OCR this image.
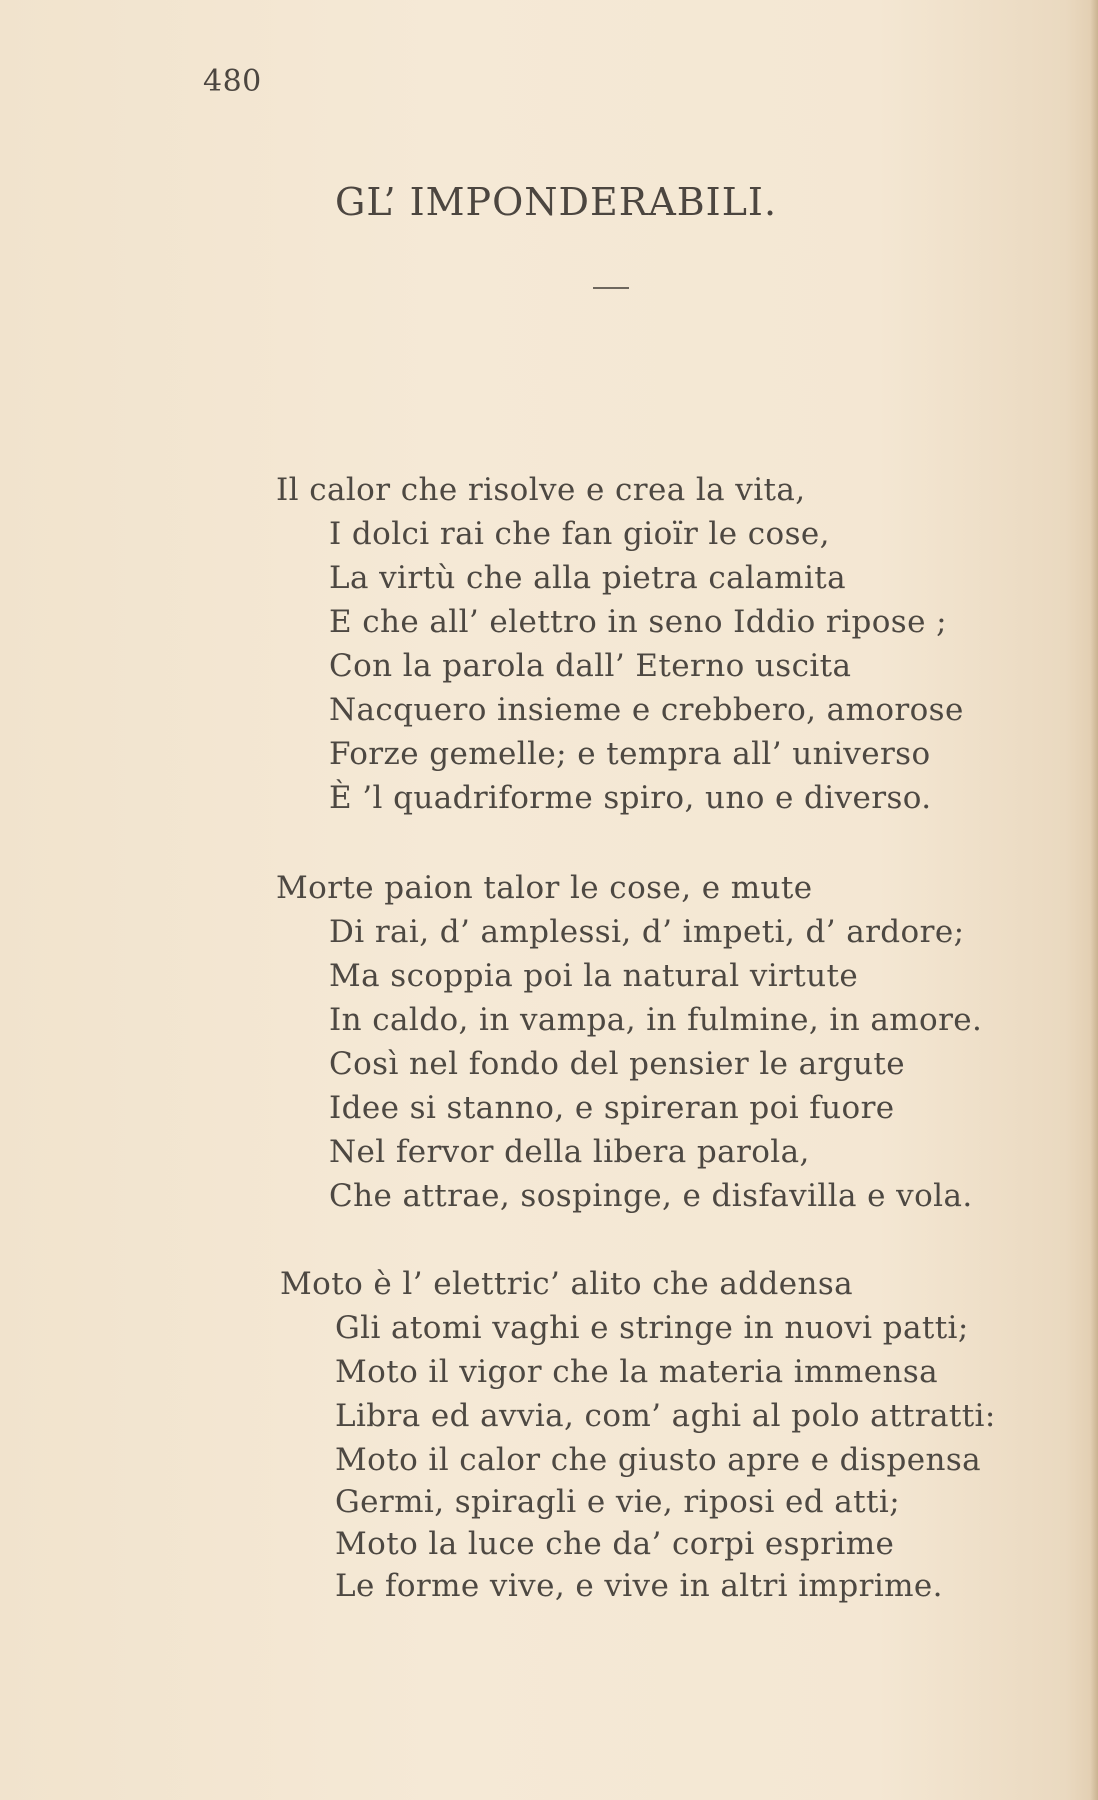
480
GL’ IMPONDERABILI.
Il calor che risolve e crea la vita,
I dolci rai che fan gioïr le cose,
La virtù che alla pietra calamita
E che all’ elettro in seno Iddio ripose ;
Con la parola dall’ Eterno uscita
Nacquero insieme e crebbero, amorose
Forze gemelle; e tempra all’ universo
È ’l quadriforme spiro, uno e diverso.
Morte paion talor le cose, e mute
Di rai, d’ amplessi, d’ impeti, d’ ardore;
Ma scoppia poi la natural virtute
In caldo, in vampa, in fulmine, in amore.
Così nel fondo del pensier le argute
Idee si stanno, e spireran poi fuore
Nel fervor della libera parola,
Che attrae, sospinge, e disfavilla e vola.
Moto è l’ elettric’ alito che addensa
Gli atomi vaghi e stringe in nuovi patti;
Moto il vigor che la materia immensa
Libra ed avvia, com’ aghi al polo attratti:
Moto il calor che giusto apre e dispensa
Germi, spiragli e vie, riposi ed atti;
Moto la luce che da’ corpi esprime
Le forme vive, e vive in altri imprime.
